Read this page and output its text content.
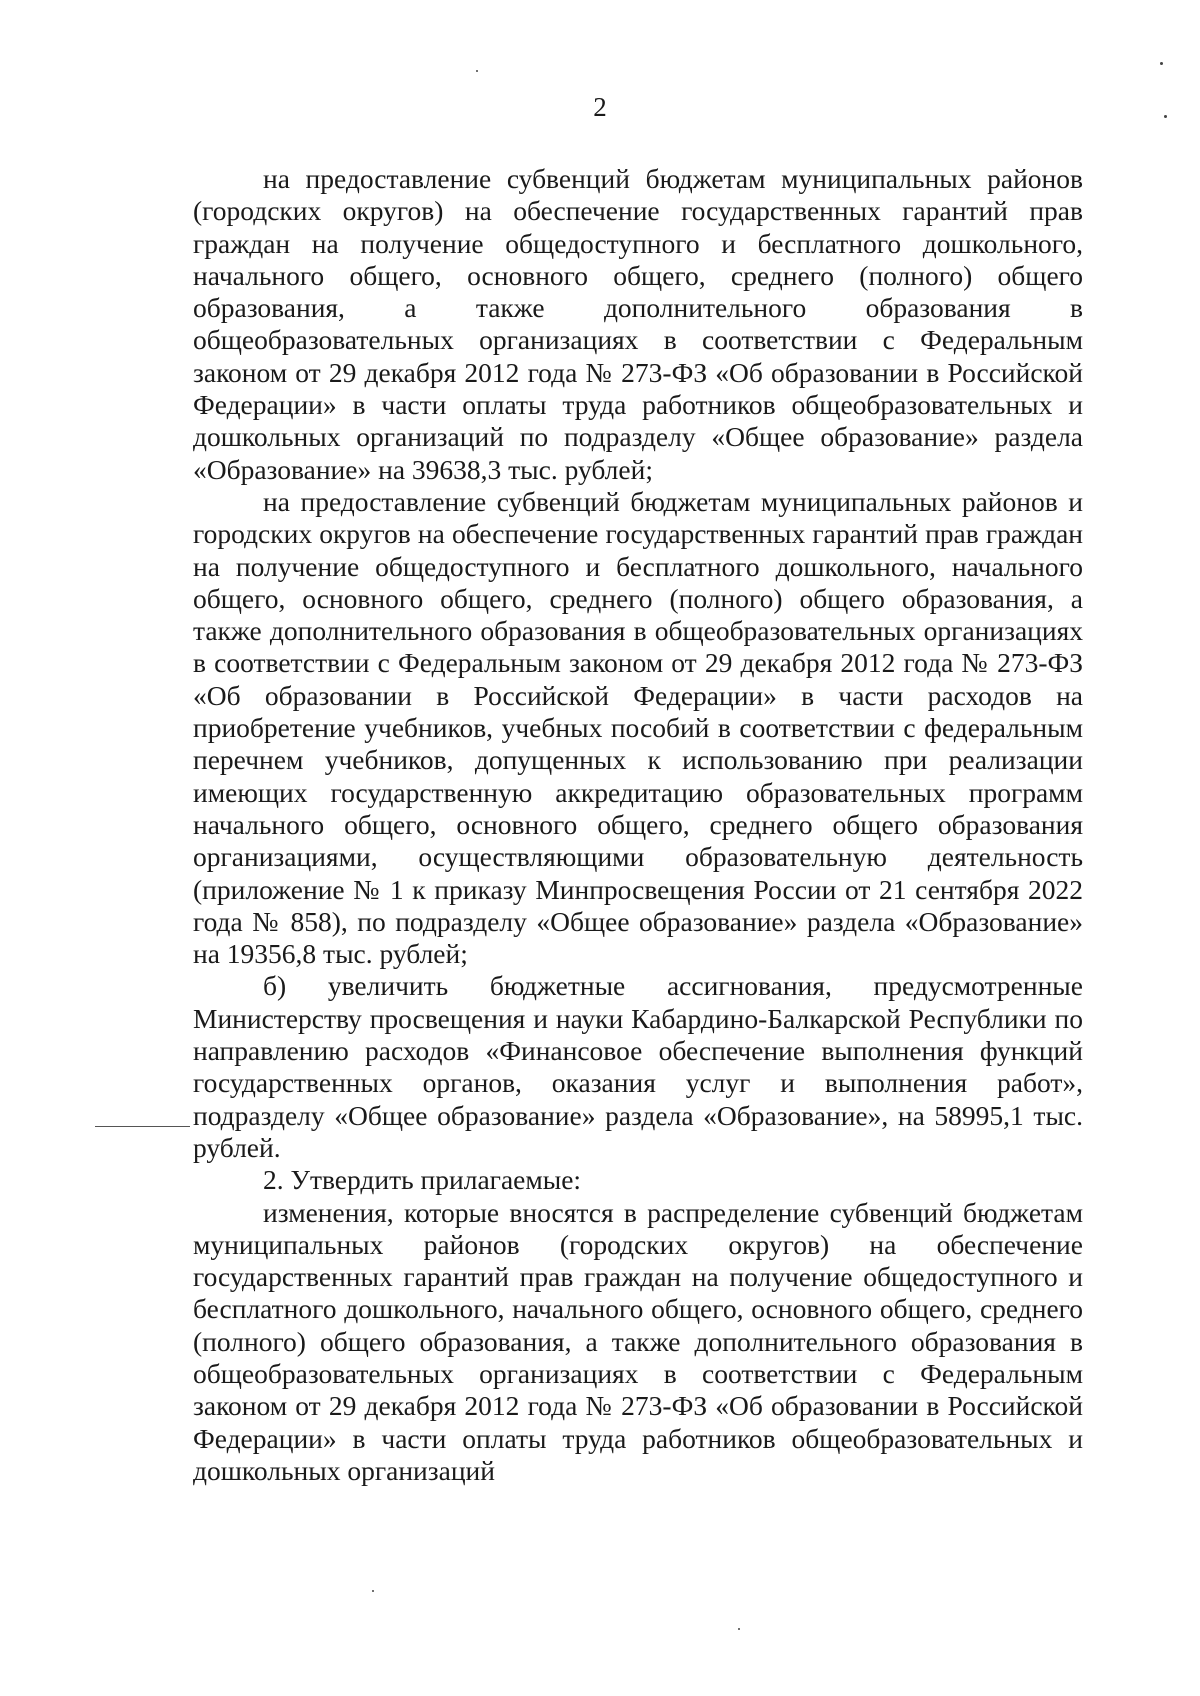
2

на предоставление субвенций бюджетам муниципальных районов (городских округов) на обеспечение государственных гарантий прав граждан на получение общедоступного и бесплатного дошкольного, начального общего, основного общего, среднего (полного) общего образования, а также дополнительного образования в общеобразовательных организациях в соответствии с Федеральным законом от 29 декабря 2012 года № 273-ФЗ «Об образовании в Российской Федерации» в части оплаты труда работников общеобразовательных и дошкольных организаций по подразделу «Общее образование» раздела «Образование» на 39638,3 тыс. рублей;

на предоставление субвенций бюджетам муниципальных районов и городских округов на обеспечение государственных гарантий прав граждан на получение общедоступного и бесплатного дошкольного, начального общего, основного общего, среднего (полного) общего образования, а также дополнительного образования в общеобразовательных организациях в соответствии с Федеральным законом от 29 декабря 2012 года № 273-ФЗ «Об образовании в Российской Федерации» в части расходов на приобретение учебников, учебных пособий в соответствии с федеральным перечнем учебников, допущенных к использованию при реализации имеющих государственную аккредитацию образовательных программ начального общего, основного общего, среднего общего образования организациями, осуществляющими образовательную деятельность (приложение № 1 к приказу Минпросвещения России от 21 сентября 2022 года № 858), по подразделу «Общее образование» раздела «Образование» на 19356,8 тыс. рублей;

б) увеличить бюджетные ассигнования, предусмотренные Министерству просвещения и науки Кабардино-Балкарской Республики по направлению расходов «Финансовое обеспечение выполнения функций государственных органов, оказания услуг и выполнения работ», подразделу «Общее образование» раздела «Образование», на 58995,1 тыс. рублей.

2. Утвердить прилагаемые:

изменения, которые вносятся в распределение субвенций бюджетам муниципальных районов (городских округов) на обеспечение государственных гарантий прав граждан на получение общедоступного и бесплатного дошкольного, начального общего, основного общего, среднего (полного) общего образования, а также дополнительного образования в общеобразовательных организациях в соответствии с Федеральным законом от 29 декабря 2012 года № 273-ФЗ «Об образовании в Российской Федерации» в части оплаты труда работников общеобразовательных и дошкольных организаций
